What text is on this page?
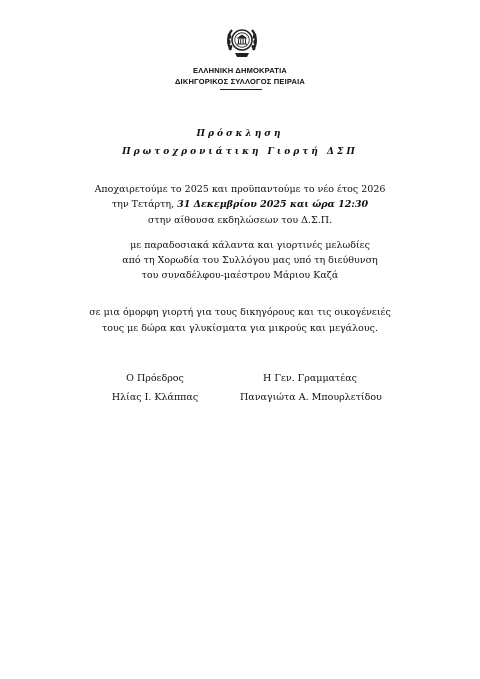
ΕΛΛΗΝΙΚΗ ΔΗΜΟΚΡΑΤΙΑ
ΔΙΚΗΓΟΡΙΚΟΣ ΣΥΛΛΟΓΟΣ ΠΕΙΡΑΙΑ
Πρόσκληση
Πρωτοχρονιάτικη Γιορτή ΔΣΠ
Αποχαιρετούμε το 2025 και προϋπαντούμε το νέο έτος 2026
την Τετάρτη, 31 Δεκεμβρίου 2025 και ώρα 12:30
στην αίθουσα εκδηλώσεων του Δ.Σ.Π.
με παραδοσιακά κάλαντα και γιορτινές μελωδίες
από τη Χορωδία του Συλλόγου μας υπό τη διεύθυνση
του συναδέλφου-μαέστρου Μάριου Καζά
σε μια όμορφη γιορτή για τους δικηγόρους και τις οικογένειές
τους με δώρα και γλυκίσματα για μικρούς και μεγάλους.
Ο Πρόεδρος
Ηλίας Ι. Κλάππας
Η Γεν. Γραμματέας
Παναγιώτα Α. Μπουρλετίδου
